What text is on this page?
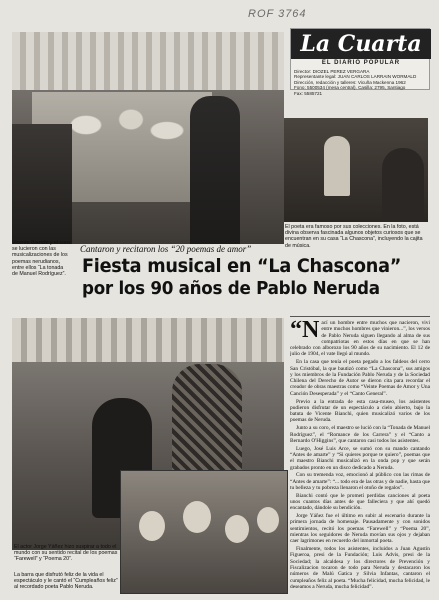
ROF 3764
La Cuarta
EL DIARIO POPULAR
Director: DIOZEL PEREZ VERGARA
Representante legal: JUAN CARLOS LARRAIN WORMALD
Dirección, redacción y talleres: Vicuña Mackenna 1962
Fono: 5500534 (mesa central). Casilla: 2795, Santiago
Fax: 5585721
Vicente Bianchi y el coro se lucieron con las musicalizaciones de los poemas nerudianos, entre ellos “La tonada de Manuel Rodríguez”.
El poeta era famoso por sus colecciones. En la foto, está divina observa fascinada algunos objetos curiosos que se encuentran en su casa “La Chascona”, incluyendo la cajita de música.
Cantaron y recitaron los “20 poemas de amor”
Fiesta musical en “La Chascona”
por los 90 años de Pablo Neruda
El actor Jorge Yáñez hizo suspirar a todo el mundo con su sentido recital de los poemas “Farewell” y “Poema 20”.
La barra que disfrutó feliz de la vida el espectáculo y le cantó el “Cumpleaños feliz” al recordado poeta Pablo Neruda.

“Nací un hombre entre muchos que nacieron, vivi entre muchos hombres que vinieron...”, los versos de Pablo Neruda siguen llegando al alma de sus compatriotas en estos días en que se han celebrado con alborozo los 90 años de su nacimiento. El 12 de julio de 1904, el vate llegó al mundo.

En la casa que tenía el poeta pegado a los faldeos del cerro San Cristóbal, la que bautizó como “La Chascona”, sus amigos y los miembros de la Fundación Pablo Neruda y de la Sociedad Chilena del Derecho de Autor se dieron cita para recordar el creador de obras maestras como “Veinte Poemas de Amor y Una Canción Desesperada” y el “Canto General”.

Previo a la entrada de esta casa-museo, los asistentes pudieron disfrutar de un espectáculo a cielo abierto, bajo la batuta de Vicente Bianchi, quien musicalizó varios de los poemas de Neruda.

Junto a su coro, el maestro se lució con la “Tonada de Manuel Rodríguez”, el “Romance de los Carrera” y el “Canto a Bernardo O'Higgins”, que cantaron casi todos los asistentes.

Luego, José Luis Arce, se sumó con su mando cantando “Antes de amarte” y “Si quieres porque te quiero”, poemas que el maestro Bianchi musicalizó en la onda pop y que serán grabados pronto en un disco dedicado a Neruda.

Con su tremenda voz, emocionó al público con las rimas de “Antes de amarte”: “... todo era de las otras y de nadie, hasta que tu belleza y tu pobreza llenaron el otoño de regalos”.

Bianchi contó que le prometí perdidas canciones al poeta unos cuantos días antes de que falleciera y que ahí quedó encantado, dándole su bendición.

Jorge Yáñez fue el último en subir al escenario durante la primera jornada de homenaje. Pausadamente y con sonidos sentimientos, recitó los poemas “Farewell” y “Poema 20”, mientras los seguidores de Neruda movían sus ojos y dejaban caer lagrimones en recuerdo del inmortal poeta.

Finalmente, todos los asistentes, incluidos a Juan Agustín Figueroa, presi de la Fundación; Luis Advis, presi de la Sociedad; la alcaldesa y los directores de Prevención y Fiscalizacion tocaron de todo para Neruda y destacaron los números de Malú Gatica y Silvia Infantas, cantaron el cumpleaños feliz al poeta. “Mucha felicidad, mucha felicidad, le deseamos a Neruda, mucha felicidad”.
